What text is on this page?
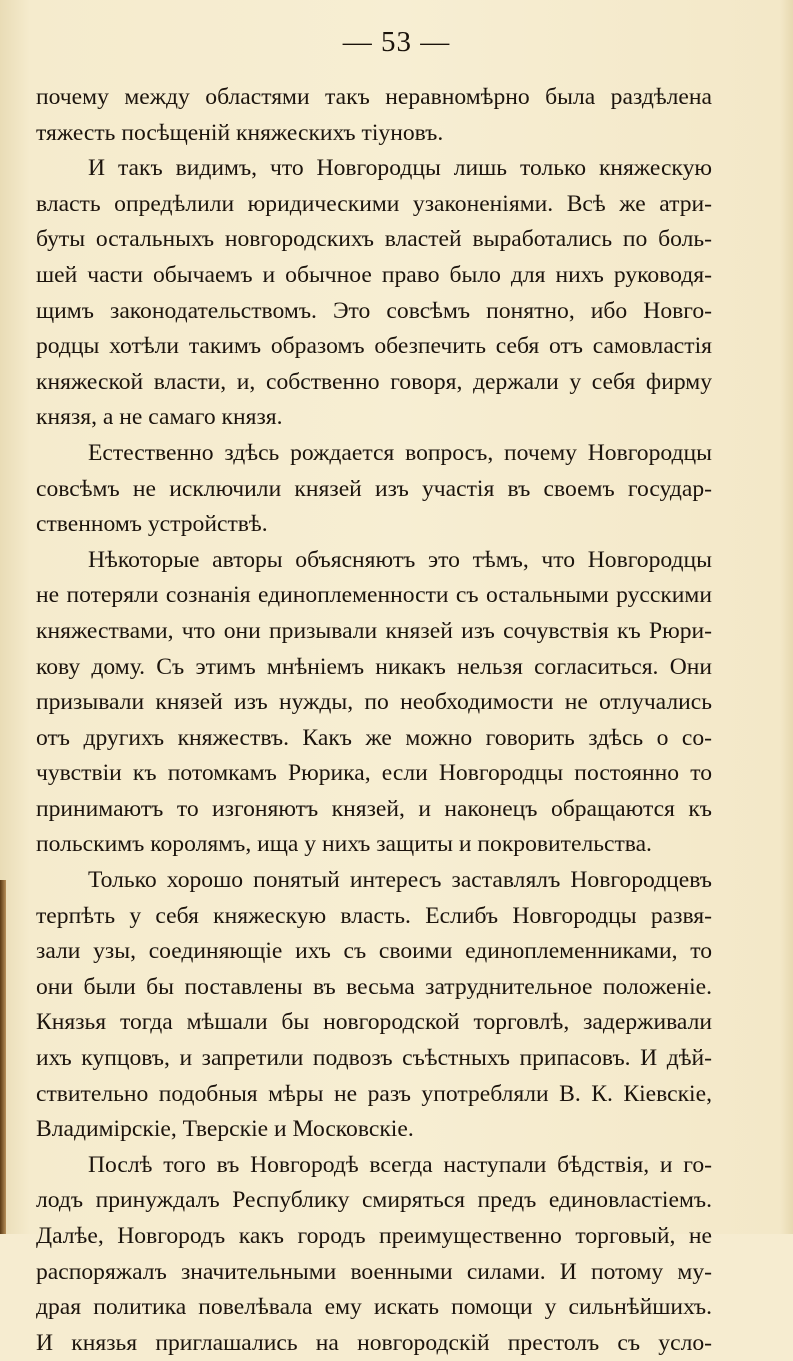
— 53 —
почему между областями такъ неравномѣрно была раздѣлена
тяжесть посѣщеній княжескихъ тіуновъ.
И такъ видимъ, что Новгородцы лишь только княжескую
власть опредѣлили юридическими узаконеніями. Всѣ же атри-
буты остальныхъ новгородскихъ властей выработались по боль-
шей части обычаемъ и обычное право было для нихъ руководя-
щимъ законодательствомъ. Это совсѣмъ понятно, ибо Новго-
родцы хотѣли такимъ образомъ обезпечить себя отъ самовластія
княжеской власти, и, собственно говоря, держали у себя фирму
князя, а не самаго князя.
Естественно здѣсь рождается вопросъ, почему Новгородцы
совсѣмъ не исключили князей изъ участія въ своемъ государ-
ственномъ устройствѣ.
Нѣкоторые авторы объясняютъ это тѣмъ, что Новгородцы
не потеряли сознанія единоплеменности съ остальными русскими
княжествами, что они призывали князей изъ сочувствія къ Рюри-
кову дому. Съ этимъ мнѣніемъ никакъ нельзя согласиться. Они
призывали князей изъ нужды, по необходимости не отлучались
отъ другихъ княжествъ. Какъ же можно говорить здѣсь о со-
чувствіи къ потомкамъ Рюрика, если Новгородцы постоянно то
принимаютъ то изгоняютъ князей, и наконецъ обращаются къ
польскимъ королямъ, ища у нихъ защиты и покровительства.
Только хорошо понятый интересъ заставлялъ Новгородцевъ
терпѣть у себя княжескую власть. Еслибъ Новгородцы развя-
зали узы, соединяющіе ихъ съ своими единоплеменниками, то
они были бы поставлены въ весьма затруднительное положеніе.
Князья тогда мѣшали бы новгородской торговлѣ, задерживали
ихъ купцовъ, и запретили подвозъ съѣстныхъ припасовъ. И дѣй-
ствительно подобныя мѣры не разъ употребляли В. К. Кіевскіе,
Владимірскіе, Тверскіе и Московскіе.
Послѣ того въ Новгородѣ всегда наступали бѣдствія, и го-
лодъ принуждалъ Республику смиряться предъ единовластіемъ.
Далѣе, Новгородъ какъ городъ преимущественно торговый, не
распоряжалъ значительными военными силами. И потому му-
драя политика повелѣвала ему искать помощи у сильнѣйшихъ.
И князья приглашались на новгородскій престолъ съ усло-
